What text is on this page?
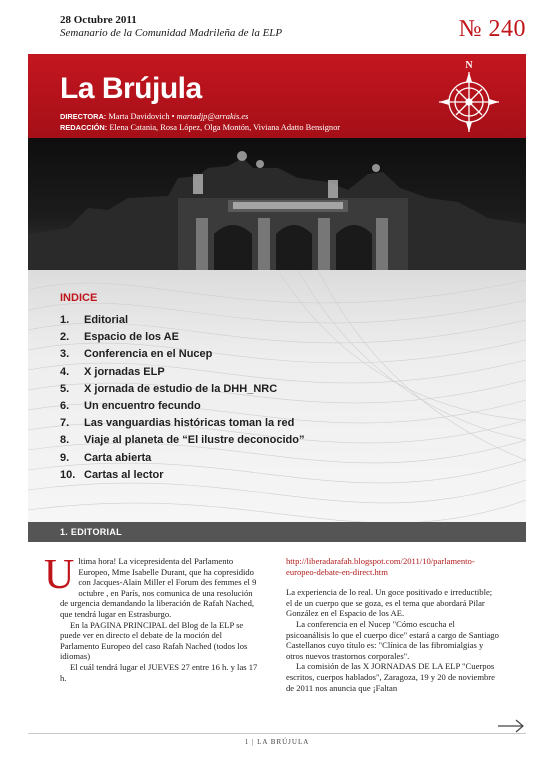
28 Octubre 2011
Semanario de la Comunidad Madrileña de la ELP	№ 240
La Brújula
DIRECTORA: Marta Davidovich • martadjp@arrakis.es
REDACCIÓN: Elena Catania, Rosa López, Olga Montón, Viviana Adatto Bensignor
N
INDICE
1. Editorial
2. Espacio de los AE
3. Conferencia en el Nucep
4. X jornadas ELP
5. X jornada de estudio de la DHH_NRC
6. Un encuentro fecundo
7. Las vanguardias históricas toman la red
8. Viaje al planeta de “El ilustre deconocido”
9. Carta abierta
10. Cartas al lector
1. EDITORIAL

Ultima hora! La vicepresidenta del Parlamento Europeo, Mme Isabelle Durant, que ha copresidido con Jacques-Alain Miller el Forum des femmes el 9 octubre , en París, nos comunica de una resolución de urgencia demandando la liberación de Rafah Nached, que tendrá lugar en Estrasburgo.

En la PAGINA PRINCIPAL del Blog de la ELP se puede ver en directo el debate de la moción del Parlamento Europeo del caso Rafah Nached (todos los idiomas)

El cuál tendrá lugar el JUEVES 27 entre 16 h. y las 17 h.

http://liberadarafah.blogspot.com/2011/10/parlamento-europeo-debate-en-direct.htm

La experiencia de lo real. Un goce positivado e irreductible; el de un cuerpo que se goza, es el tema que abordará Pilar González en el Espacio de los AE.

La conferencia en el Nucep "Cómo escucha el psicoanálisis lo que el cuerpo dice" estará a cargo de Santiago Castellanos cuyo título es: "Clínica de las fibromialgias y otros nuevos trastornos corporales".

La comisión de las X JORNADAS DE LA ELP "Cuerpos escritos, cuerpos hablados", Zaragoza, 19 y 20 de noviembre de 2011 nos anuncia que ¡Faltan

1 | LA BRÚJULA
